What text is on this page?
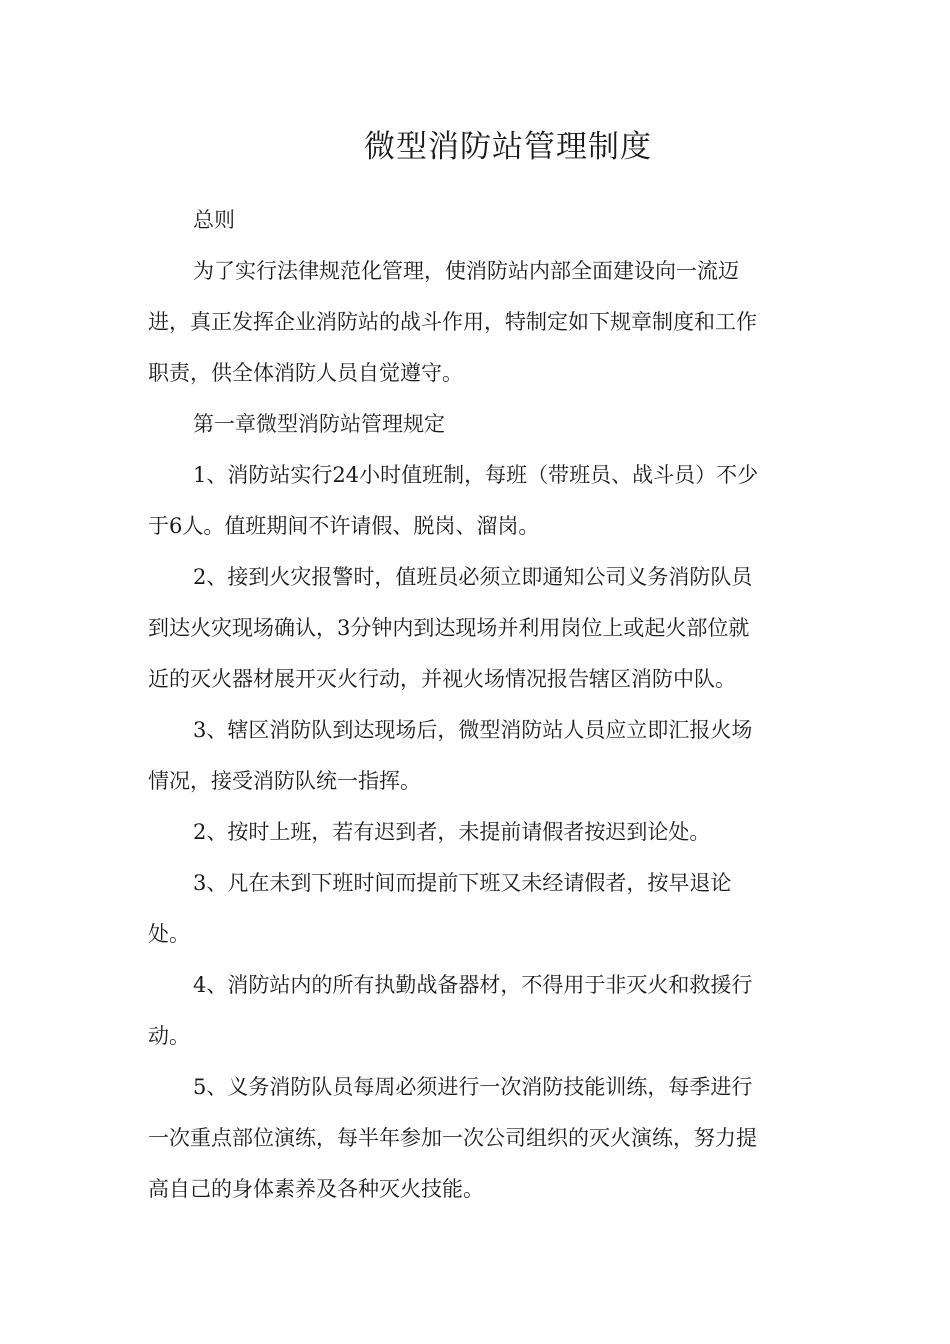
微型消防站管理制度

总则

为了实行法律规范化管理，使消防站内部全面建设向一流迈

进，真正发挥企业消防站的战斗作用，特制定如下规章制度和工作

职责，供全体消防人员自觉遵守。

第一章微型消防站管理规定

1、消防站实行24小时值班制，每班（带班员、战斗员）不少

于6人。值班期间不许请假、脱岗、溜岗。

2、接到火灾报警时，值班员必须立即通知公司义务消防队员

到达火灾现场确认，3分钟内到达现场并利用岗位上或起火部位就

近的灭火器材展开灭火行动，并视火场情况报告辖区消防中队。

3、辖区消防队到达现场后，微型消防站人员应立即汇报火场

情况，接受消防队统一指挥。

2、按时上班，若有迟到者，未提前请假者按迟到论处。

3、凡在未到下班时间而提前下班又未经请假者，按早退论

处。

4、消防站内的所有执勤战备器材，不得用于非灭火和救援行

动。

5、义务消防队员每周必须进行一次消防技能训练，每季进行

一次重点部位演练，每半年参加一次公司组织的灭火演练，努力提

高自己的身体素养及各种灭火技能。
